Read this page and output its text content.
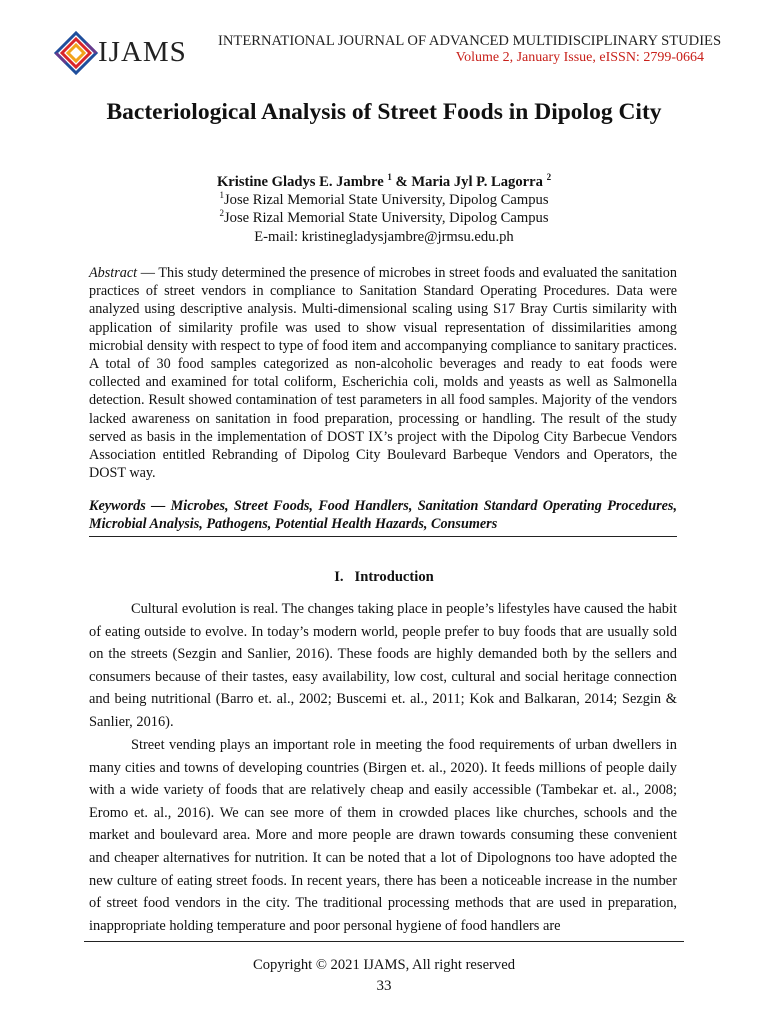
IJAMS INTERNATIONAL JOURNAL OF ADVANCED MULTIDISCIPLINARY STUDIES
Volume 2, January Issue, eISSN: 2799-0664
Bacteriological Analysis of Street Foods in Dipolog City
Kristine Gladys E. Jambre $^1$ & Maria Jyl P. Lagorra $^2$
$^1$Jose Rizal Memorial State University, Dipolog Campus
$^2$Jose Rizal Memorial State University, Dipolog Campus
E-mail: kristinegladysjambre@jrmsu.edu.ph

Abstract — This study determined the presence of microbes in street foods and evaluated the sanitation practices of street vendors in compliance to Sanitation Standard Operating Procedures. Data were analyzed using descriptive analysis. Multi-dimensional scaling using S17 Bray Curtis similarity with application of similarity profile was used to show visual representation of dissimilarities among microbial density with respect to type of food item and accompanying compliance to sanitary practices. A total of 30 food samples categorized as non-alcoholic beverages and ready to eat foods were collected and examined for total coliform, Escherichia coli, molds and yeasts as well as Salmonella detection. Result showed contamination of test parameters in all food samples. Majority of the vendors lacked awareness on sanitation in food preparation, processing or handling. The result of the study served as basis in the implementation of DOST IX’s project with the Dipolog City Barbecue Vendors Association entitled Rebranding of Dipolog City Boulevard Barbeque Vendors and Operators, the DOST way.

Keywords — Microbes, Street Foods, Food Handlers, Sanitation Standard Operating Procedures, Microbial Analysis, Pathogens, Potential Health Hazards, Consumers

I. Introduction

Cultural evolution is real. The changes taking place in people’s lifestyles have caused the habit of eating outside to evolve. In today’s modern world, people prefer to buy foods that are usually sold on the streets (Sezgin and Sanlier, 2016). These foods are highly demanded both by the sellers and consumers because of their tastes, easy availability, low cost, cultural and social heritage connection and being nutritional (Barro et. al., 2002; Buscemi et. al., 2011; Kok and Balkaran, 2014; Sezgin & Sanlier, 2016).

Street vending plays an important role in meeting the food requirements of urban dwellers in many cities and towns of developing countries (Birgen et. al., 2020). It feeds millions of people daily with a wide variety of foods that are relatively cheap and easily accessible (Tambekar et. al., 2008; Eromo et. al., 2016). We can see more of them in crowded places like churches, schools and the market and boulevard area. More and more people are drawn towards consuming these convenient and cheaper alternatives for nutrition. It can be noted that a lot of Dipolognons too have adopted the new culture of eating street foods. In recent years, there has been a noticeable increase in the number of street food vendors in the city. The traditional processing methods that are used in preparation, inappropriate holding temperature and poor personal hygiene of food handlers are

Copyright © 2021 IJAMS, All right reserved
33
